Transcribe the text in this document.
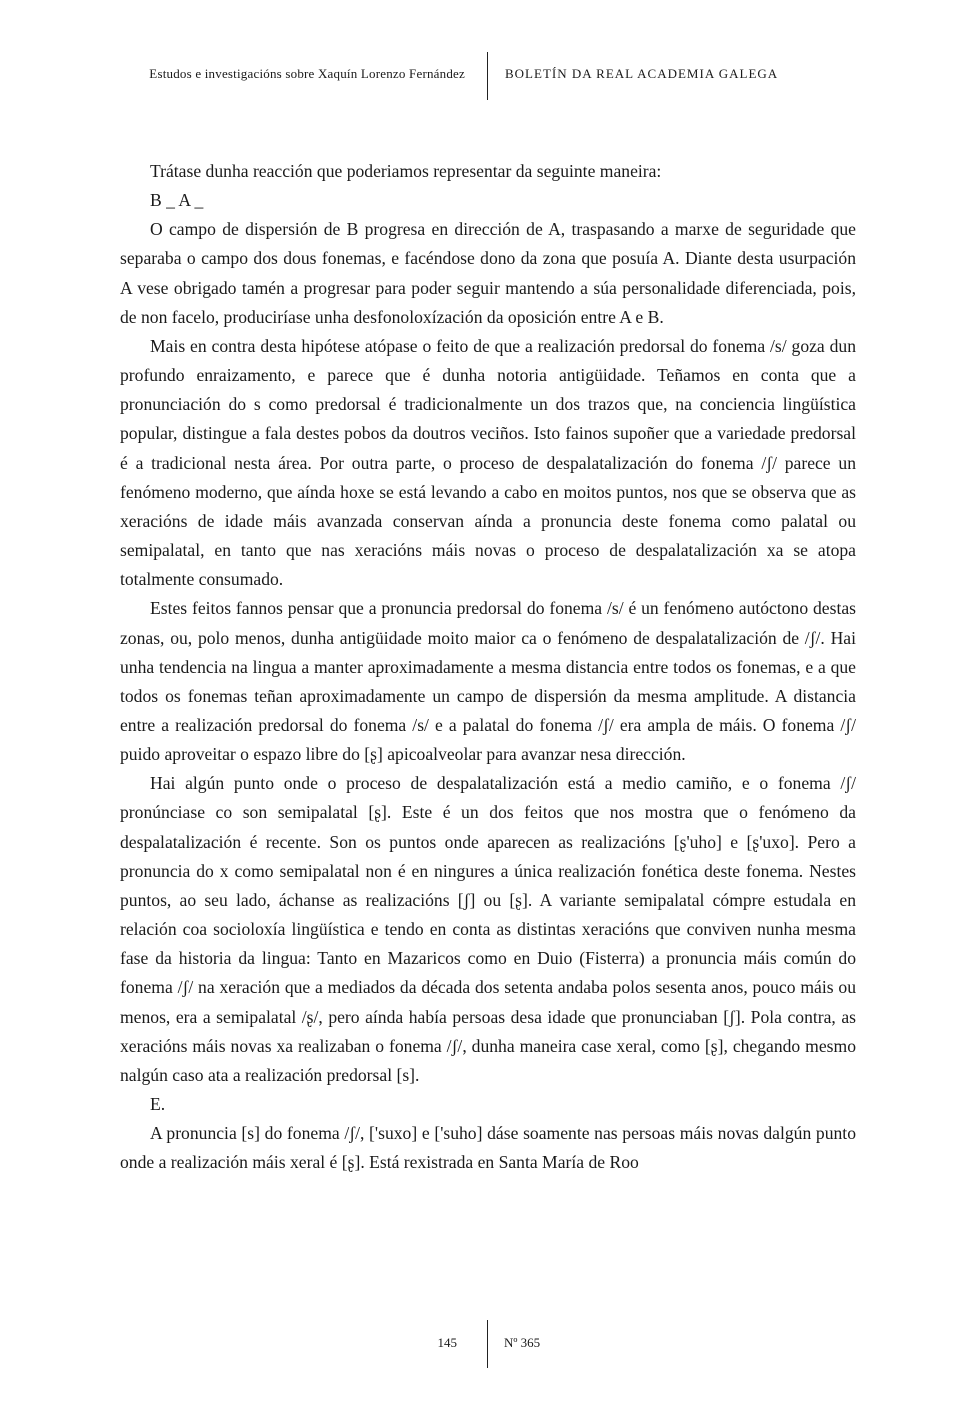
Estudos e investigacións sobre Xaquín Lorenzo Fernández	BOLETÍN DA REAL ACADEMIA GALEGA

Trátase dunha reacción que poderiamos representar da seguinte maneira:

B _ A _

O campo de dispersión de B progresa en dirección de A, traspasando a marxe de seguridade que separaba o campo dos dous fonemas, e facéndose dono da zona que posuía A. Diante desta usurpación A vese obrigado tamén a progresar para poder seguir mantendo a súa personalidade diferenciada, pois, de non facelo, produciríase unha desfonoloxízación da oposición entre A e B.

Mais en contra desta hipótese atópase o feito de que a realización predorsal do fonema /s/ goza dun profundo enraizamento, e parece que é dunha notoria antigüidade. Teñamos en conta que a pronunciación do s como predorsal é tradicionalmente un dos trazos que, na conciencia lingüística popular, distingue a fala destes pobos da doutros veciños. Isto fainos supoñer que a variedade predorsal é a tradicional nesta área. Por outra parte, o proceso de despalatalización do fonema /ʃ/ parece un fenómeno moderno, que aínda hoxe se está levando a cabo en moitos puntos, nos que se observa que as xeracións de idade máis avanzada conservan aínda a pronuncia deste fonema como palatal ou semipalatal, en tanto que nas xeracións máis novas o proceso de despalatalización xa se atopa totalmente consumado.

Estes feitos fannos pensar que a pronuncia predorsal do fonema /s/ é un fenómeno autóctono destas zonas, ou, polo menos, dunha antigüidade moito maior ca o fenómeno de despalatalización de /ʃ/. Hai unha tendencia na lingua a manter aproximadamente a mesma distancia entre todos os fonemas, e a que todos os fonemas teñan aproximadamente un campo de dispersión da mesma amplitude. A distancia entre a realización predorsal do fonema /s/ e a palatal do fonema /ʃ/ era ampla de máis. O fonema /ʃ/ puido aproveitar o espazo libre do [ʂ] apicoalveolar para avanzar nesa dirección.

Hai algún punto onde o proceso de despalatalización está a medio camiño, e o fonema /ʃ/ pronúnciase co son semipalatal [ʂ]. Este é un dos feitos que nos mostra que o fenómeno da despalatalización é recente. Son os puntos onde aparecen as realizacións [ʂ'uho] e [ʂ'uxo]. Pero a pronuncia do x como semipalatal non é en ningures a única realización fonética deste fonema. Nestes puntos, ao seu lado, áchanse as realizacións [ʃ] ou [ʂ]. A variante semipalatal cómpre estudala en relación coa socioloxía lingüística e tendo en conta as distintas xeracións que conviven nunha mesma fase da historia da lingua: Tanto en Mazaricos como en Duio (Fisterra) a pronuncia máis común do fonema /ʃ/ na xeración que a mediados da década dos setenta andaba polos sesenta anos, pouco máis ou menos, era a semipalatal /ʂ/, pero aínda había persoas desa idade que pronunciaban [ʃ]. Pola contra, as xeracións máis novas xa realizaban o fonema /ʃ/, dunha maneira case xeral, como [ʂ], chegando mesmo nalgún caso ata a realización predorsal [s].

E.

A pronuncia [s] do fonema /ʃ/, ['suxo] e ['suho] dáse soamente nas persoas máis novas dalgún punto onde a realización máis xeral é [ʂ]. Está rexistrada en Santa María de Roo

145	Nº 365
